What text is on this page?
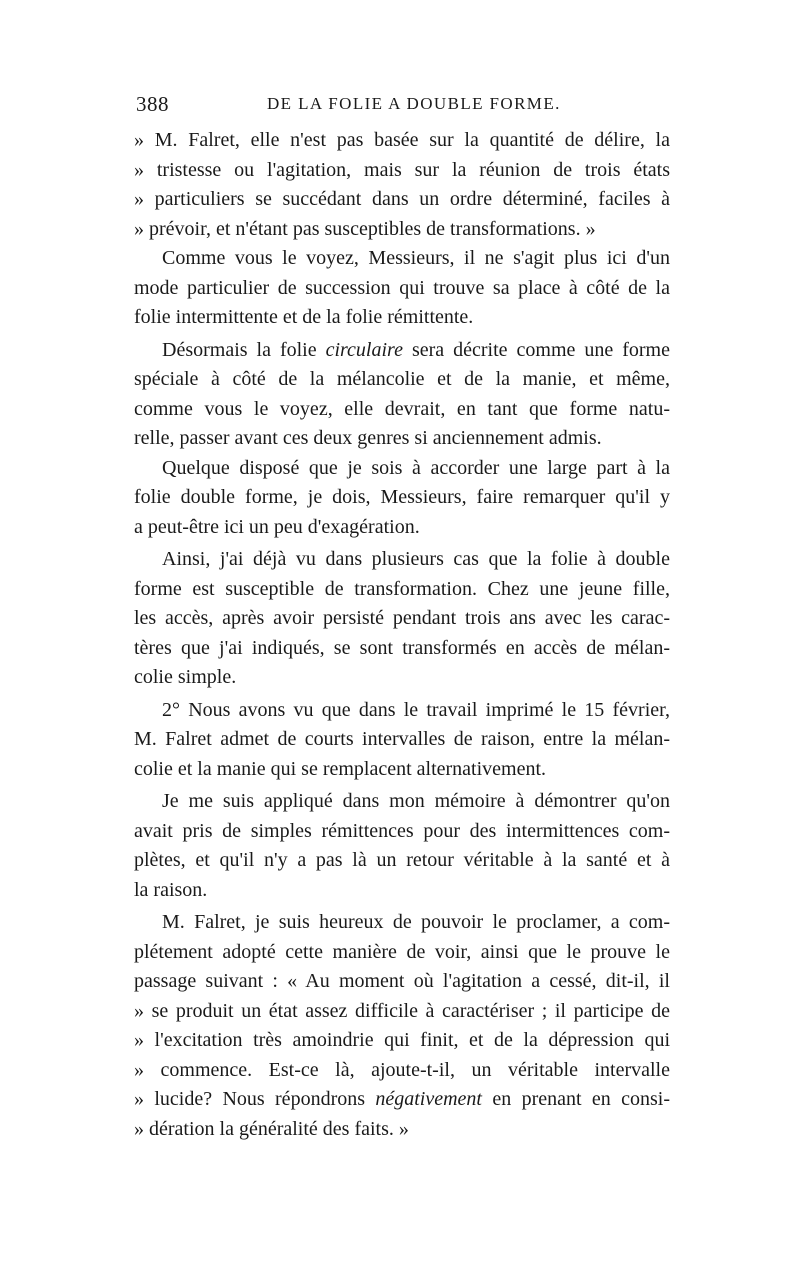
388	DE LA FOLIE A DOUBLE FORME.
» M. Falret, elle n'est pas basée sur la quantité de délire, la
» tristesse ou l'agitation, mais sur la réunion de trois états
» particuliers se succédant dans un ordre déterminé, faciles à
» prévoir, et n'étant pas susceptibles de transformations. »
Comme vous le voyez, Messieurs, il ne s'agit plus ici d'un
mode particulier de succession qui trouve sa place à côté de la
folie intermittente et de la folie rémittente.
Désormais la folie circulaire sera décrite comme une forme
spéciale à côté de la mélancolie et de la manie, et même,
comme vous le voyez, elle devrait, en tant que forme natu-
relle, passer avant ces deux genres si anciennement admis.
Quelque disposé que je sois à accorder une large part à la
folie double forme, je dois, Messieurs, faire remarquer qu'il y
a peut-être ici un peu d'exagération.
Ainsi, j'ai déjà vu dans plusieurs cas que la folie à double
forme est susceptible de transformation. Chez une jeune fille,
les accès, après avoir persisté pendant trois ans avec les carac-
tères que j'ai indiqués, se sont transformés en accès de mélan-
colie simple.
2° Nous avons vu que dans le travail imprimé le 15 février,
M. Falret admet de courts intervalles de raison, entre la mélan-
colie et la manie qui se remplacent alternativement.
Je me suis appliqué dans mon mémoire à démontrer qu'on
avait pris de simples rémittences pour des intermittences com-
plètes, et qu'il n'y a pas là un retour véritable à la santé et à
la raison.
M. Falret, je suis heureux de pouvoir le proclamer, a com-
plétement adopté cette manière de voir, ainsi que le prouve le
passage suivant : « Au moment où l'agitation a cessé, dit-il, il
» se produit un état assez difficile à caractériser ; il participe de
» l'excitation très amoindrie qui finit, et de la dépression qui
» commence. Est-ce là, ajoute-t-il, un véritable intervalle
» lucide? Nous répondrons négativement en prenant en consi-
» dération la généralité des faits. »
